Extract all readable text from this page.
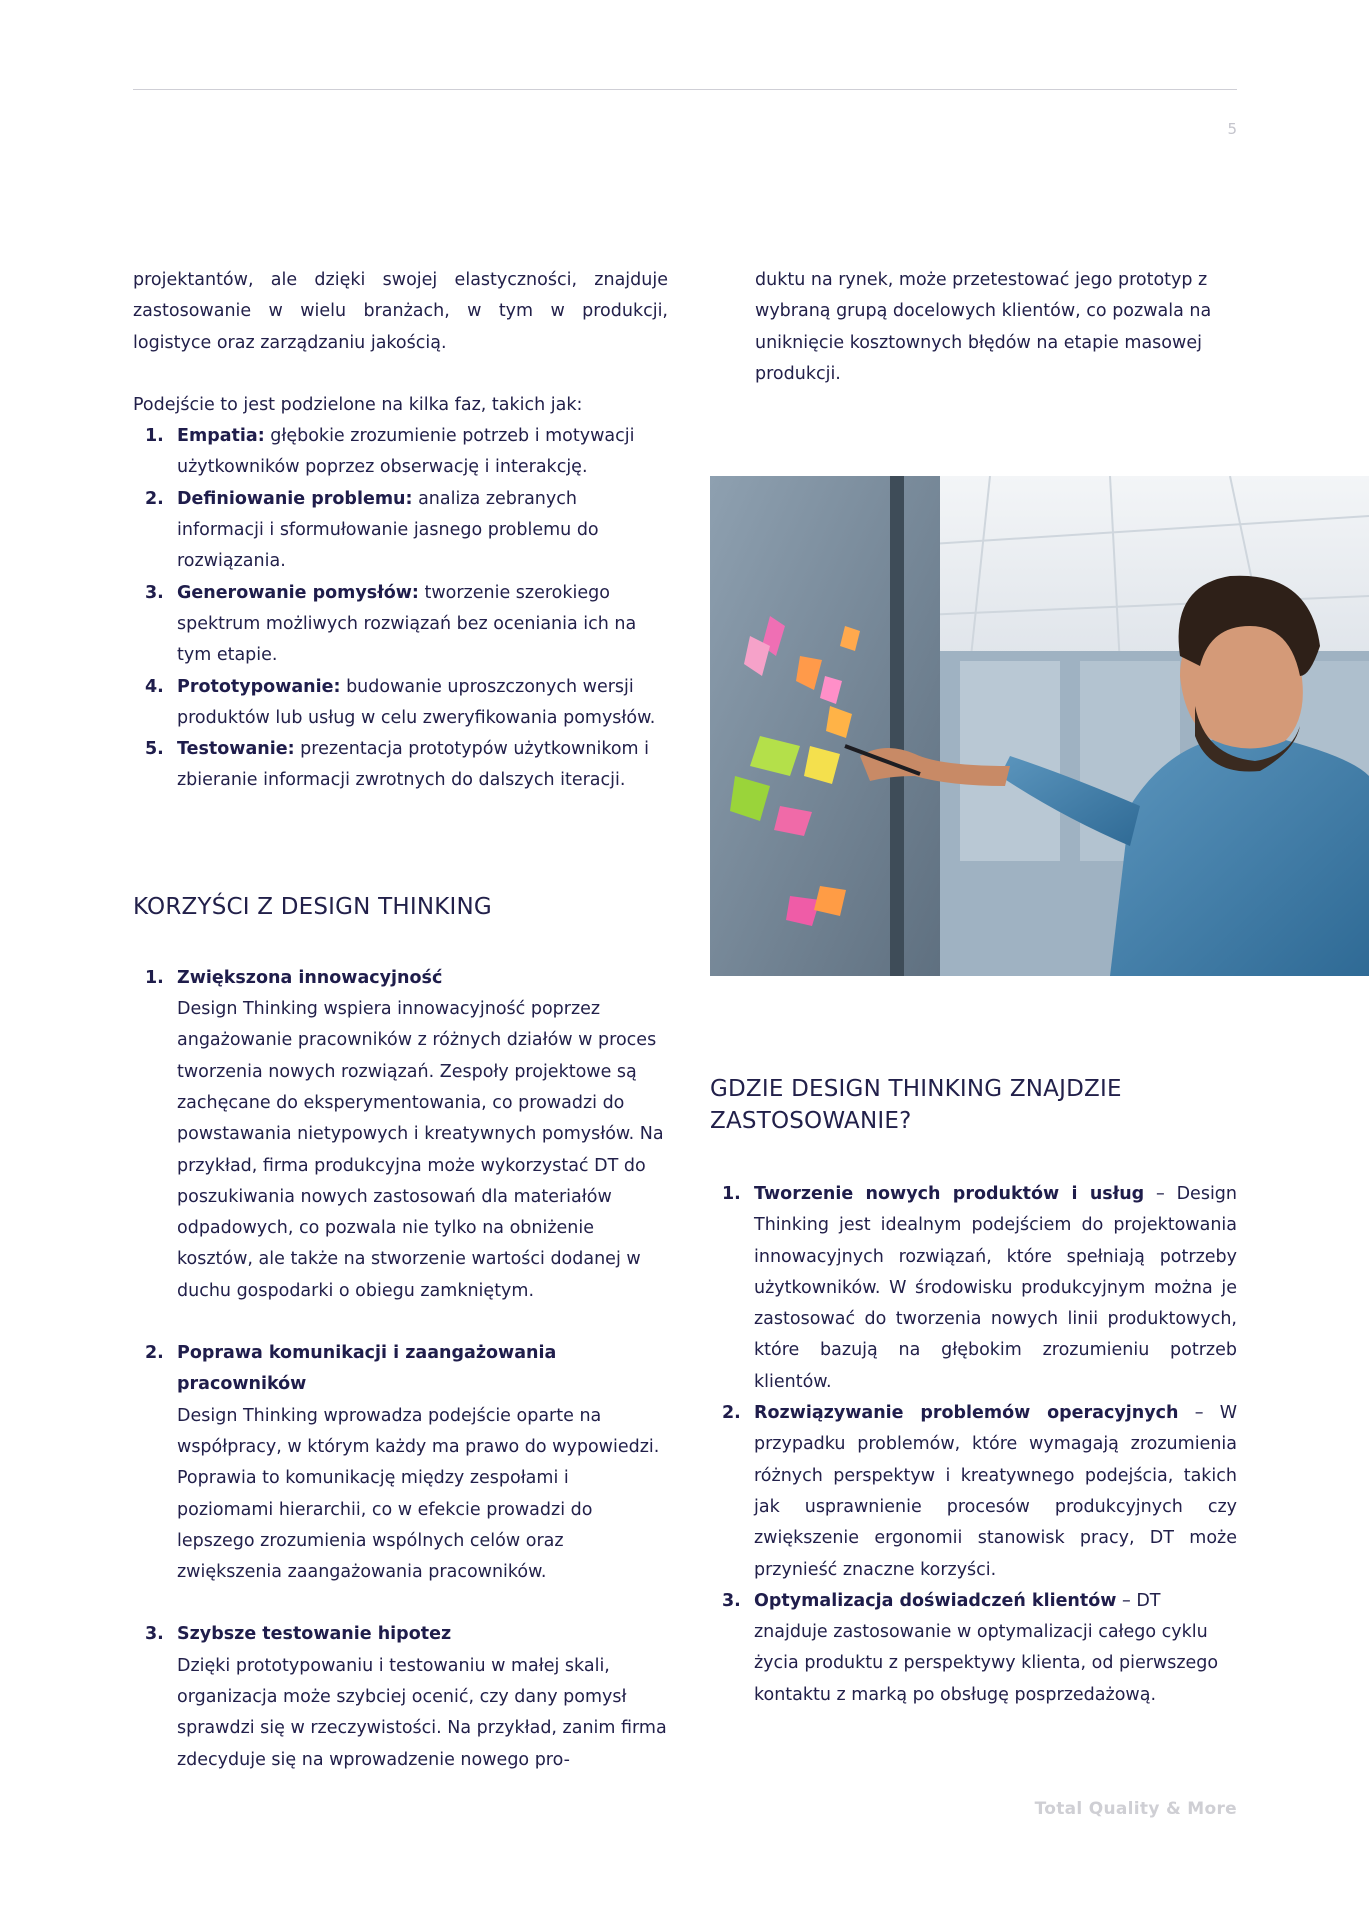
5

projektantów, ale dzięki swojej elastyczności, znajduje zastosowanie w wielu branżach, w tym w produkcji, logistyce oraz zarządzaniu jakością.

Podejście to jest podzielone na kilka faz, takich jak:

1. Empatia: głębokie zrozumienie potrzeb i motywacji użytkowników poprzez obserwację i interakcję.
2. Definiowanie problemu: analiza zebranych informacji i sformułowanie jasnego problemu do rozwiązania.
3. Generowanie pomysłów: tworzenie szerokiego spektrum możliwych rozwiązań bez oceniania ich na tym etapie.
4. Prototypowanie: budowanie uproszczonych wersji produktów lub usług w celu zweryfikowania pomysłów.
5. Testowanie: prezentacja prototypów użytkownikom i zbieranie informacji zwrotnych do dalszych iteracji.
KORZYŚCI Z DESIGN THINKING
1. Zwiększona innowacyjność
Design Thinking wspiera innowacyjność poprzez angażowanie pracowników z różnych działów w proces tworzenia nowych rozwiązań. Zespoły projektowe są zachęcane do eksperymentowania, co prowadzi do powstawania nietypowych i kreatywnych pomysłów. Na przykład, firma produkcyjna może wykorzystać DT do poszukiwania nowych zastosowań dla materiałów odpadowych, co pozwala nie tylko na obniżenie kosztów, ale także na stworzenie wartości dodanej w duchu gospodarki o obiegu zamkniętym.
2. Poprawa komunikacji i zaangażowania pracowników
Design Thinking wprowadza podejście oparte na współpracy, w którym każdy ma prawo do wypowiedzi. Poprawia to komunikację między zespołami i poziomami hierarchii, co w efekcie prowadzi do lepszego zrozumienia wspólnych celów oraz zwiększenia zaangażowania pracowników.
3. Szybsze testowanie hipotez
Dzięki prototypowaniu i testowaniu w małej skali, organizacja może szybciej ocenić, czy dany pomysł sprawdzi się w rzeczywistości. Na przykład, zanim firma zdecyduje się na wprowadzenie nowego pro-

duktu na rynek, może przetestować jego prototyp z wybraną grupą docelowych klientów, co pozwala na uniknięcie kosztownych błędów na etapie masowej produkcji.

GDZIE DESIGN THINKING ZNAJDZIE ZASTOSOWANIE?
1. Tworzenie nowych produktów i usług – Design Thinking jest idealnym podejściem do projektowania innowacyjnych rozwiązań, które spełniają potrzeby użytkowników. W środowisku produkcyjnym można je zastosować do tworzenia nowych linii produktowych, które bazują na głębokim zrozumieniu potrzeb klientów.
2. Rozwiązywanie problemów operacyjnych – W przypadku problemów, które wymagają zrozumienia różnych perspektyw i kreatywnego podejścia, takich jak usprawnienie procesów produkcyjnych czy zwiększenie ergonomii stanowisk pracy, DT może przynieść znaczne korzyści.
3. Optymalizacja doświadczeń klientów – DT znajduje zastosowanie w optymalizacji całego cyklu życia produktu z perspektywy klienta, od pierwszego kontaktu z marką po obsługę posprzedażową.
Total Quality & More
